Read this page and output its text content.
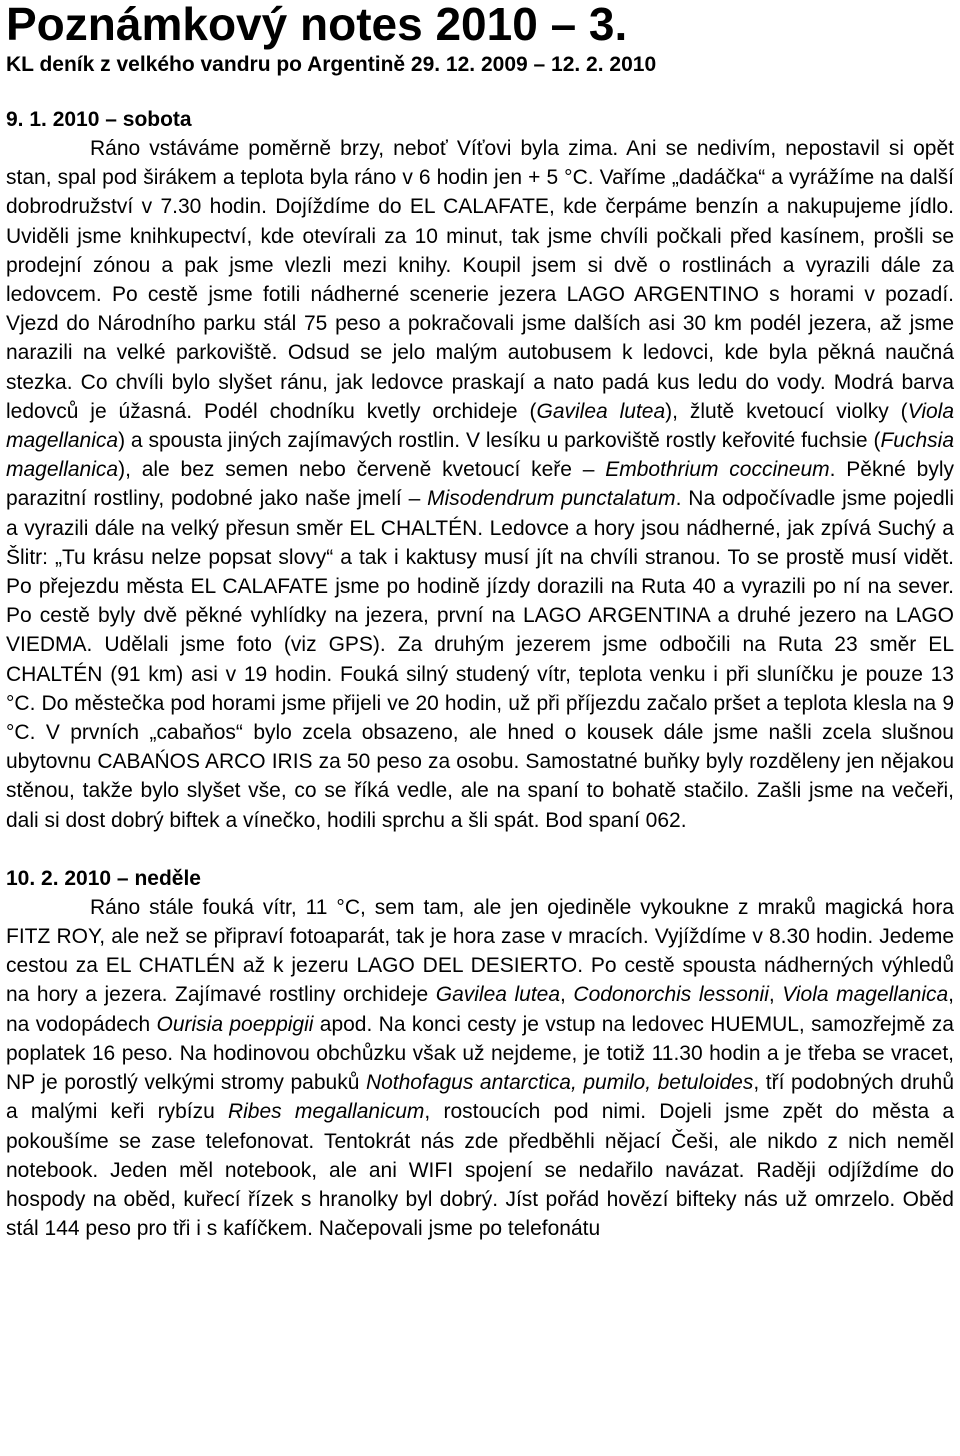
Poznámkový notes 2010 – 3.
KL deník z velkého vandru po Argentině 29. 12. 2009 – 12. 2. 2010
9. 1. 2010 – sobota

Ráno vstáváme poměrně brzy, neboť Víťovi byla zima. Ani se nedivím, nepostavil si opět stan, spal pod širákem a teplota byla ráno v 6 hodin jen + 5 °C. Vaříme „dadáčka“ a vyrážíme na další dobrodružství v 7.30 hodin. Dojíždíme do EL CALAFATE, kde čerpáme benzín a nakupujeme jídlo. Uviděli jsme knihkupectví, kde otevírali za 10 minut, tak jsme chvíli počkali před kasínem, prošli se prodejní zónou a pak jsme vlezli mezi knihy. Koupil jsem si dvě o rostlinách a vyrazili dále za ledovcem. Po cestě jsme fotili nádherné scenerie jezera LAGO ARGENTINO s horami v pozadí. Vjezd do Národního parku stál 75 peso a pokračovali jsme dalších asi 30 km podél jezera, až jsme narazili na velké parkoviště. Odsud se jelo malým autobusem k ledovci, kde byla pěkná naučná stezka. Co chvíli bylo slyšet ránu, jak ledovce praskají a nato padá kus ledu do vody. Modrá barva ledovců je úžasná. Podél chodníku kvetly orchideje (Gavilea lutea), žlutě kvetoucí violky (Viola magellanica) a spousta jiných zajímavých rostlin. V lesíku u parkoviště rostly keřovité fuchsie (Fuchsia magellanica), ale bez semen nebo červeně kvetoucí keře – Embothrium coccineum. Pěkné byly parazitní rostliny, podobné jako naše jmelí – Misodendrum punctalatum. Na odpočívadle jsme pojedli a vyrazili dále na velký přesun směr EL CHALTÉN. Ledovce a hory jsou nádherné, jak zpívá Suchý a Šlitr: „Tu krásu nelze popsat slovy“ a tak i kaktusy musí jít na chvíli stranou. To se prostě musí vidět. Po přejezdu města EL CALAFATE jsme po hodině jízdy dorazili na Ruta 40 a vyrazili po ní na sever. Po cestě byly dvě pěkné vyhlídky na jezera, první na LAGO ARGENTINA a druhé jezero na LAGO VIEDMA. Udělali jsme foto (viz GPS). Za druhým jezerem jsme odbočili na Ruta 23 směr EL CHALTÉN (91 km) asi v 19 hodin. Fouká silný studený vítr, teplota venku i při sluníčku je pouze 13 °C. Do městečka pod horami jsme přijeli ve 20 hodin, už při příjezdu začalo pršet a teplota klesla na 9 °C. V prvních „cabaňos“ bylo zcela obsazeno, ale hned o kousek dále jsme našli zcela slušnou ubytovnu CABAŃOS ARCO IRIS za 50 peso za osobu. Samostatné buňky byly rozděleny jen nějakou stěnou, takže bylo slyšet vše, co se říká vedle, ale na spaní to bohatě stačilo. Zašli jsme na večeři, dali si dost dobrý biftek a vínečko, hodili sprchu a šli spát. Bod spaní 062.

10. 2. 2010 – neděle

Ráno stále fouká vítr, 11 °C, sem tam, ale jen ojediněle vykoukne z mraků magická hora FITZ ROY, ale než se připraví fotoaparát, tak je hora zase v mracích. Vyjíždíme v 8.30 hodin. Jedeme cestou za EL CHATLÉN až k jezeru LAGO DEL DESIERTO. Po cestě spousta nádherných výhledů na hory a jezera. Zajímavé rostliny orchideje Gavilea lutea, Codonorchis lessonii, Viola magellanica, na vodopádech Ourisia poeppigii apod. Na konci cesty je vstup na ledovec HUEMUL, samozřejmě za poplatek 16 peso. Na hodinovou obchůzku však už nejdeme, je totiž 11.30 hodin a je třeba se vracet, NP je porostlý velkými stromy pabuků Nothofagus antarctica, pumilo, betuloides, tří podobných druhů a malými keři rybízu Ribes megallanicum, rostoucích pod nimi. Dojeli jsme zpět do města a pokoušíme se zase telefonovat. Tentokrát nás zde předběhli nějací Češi, ale nikdo z nich neměl notebook. Jeden měl notebook, ale ani WIFI spojení se nedařilo navázat. Raději odjíždíme do hospody na oběd, kuřecí řízek s hranolky byl dobrý. Jíst pořád hovězí bifteky nás už omrzelo. Oběd stál 144 peso pro tři i s kafíčkem. Načepovali jsme po telefonátu
